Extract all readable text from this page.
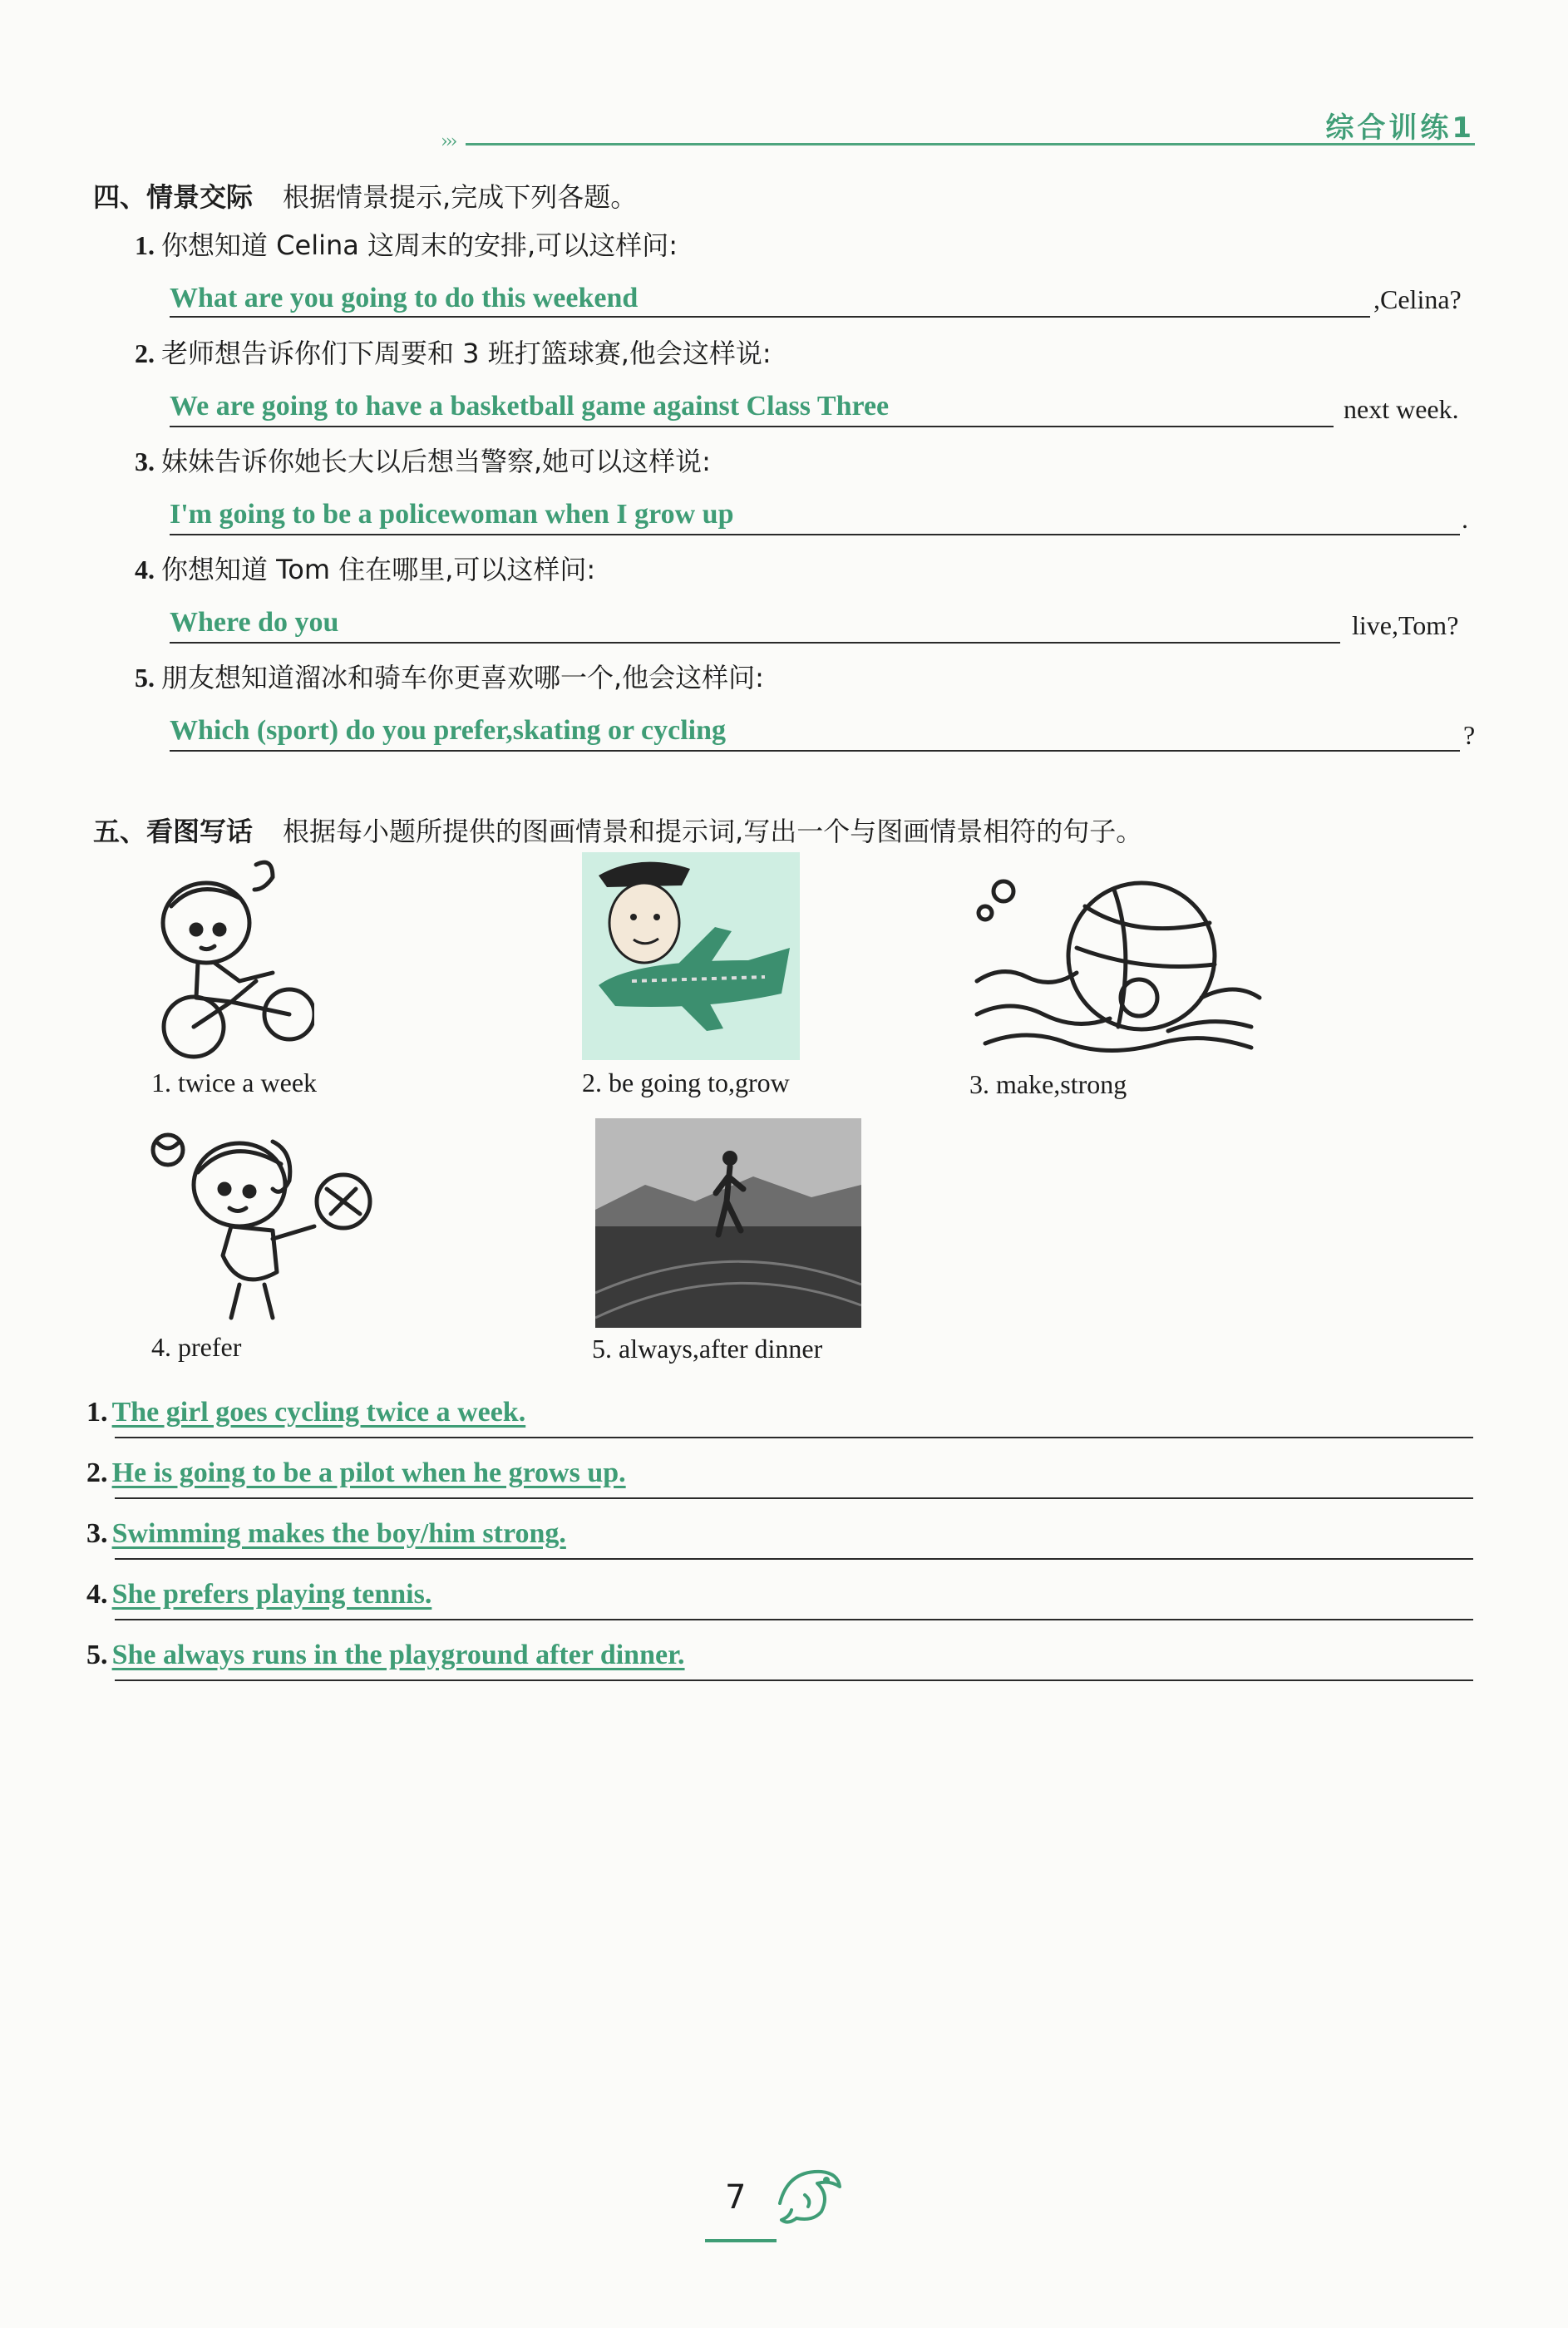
›››	综合训练1
四、情景交际 根据情景提示,完成下列各题。
1. 你想知道 Celina 这周末的安排,可以这样问:
What are you going to do this weekend	,Celina?
2. 老师想告诉你们下周要和 3 班打篮球赛,他会这样说:
We are going to have a basketball game against Class Three	next week.
3. 妹妹告诉你她长大以后想当警察,她可以这样说:
I'm going to be a policewoman when I grow up	.
4. 你想知道 Tom 住在哪里,可以这样问:
Where do you	live,Tom?
5. 朋友想知道溜冰和骑车你更喜欢哪一个,他会这样问:
Which (sport) do you prefer,skating or cycling	?
五、看图写话 根据每小题所提供的图画情景和提示词,写出一个与图画情景相符的句子。
1. twice a week	2. be going to,grow	3. make,strong
4. prefer	5. always,after dinner
1. The girl goes cycling twice a week.
2. He is going to be a pilot when he grows up.
3. Swimming makes the boy/him strong.
4. She prefers playing tennis.
5. She always runs in the playground after dinner.
7
